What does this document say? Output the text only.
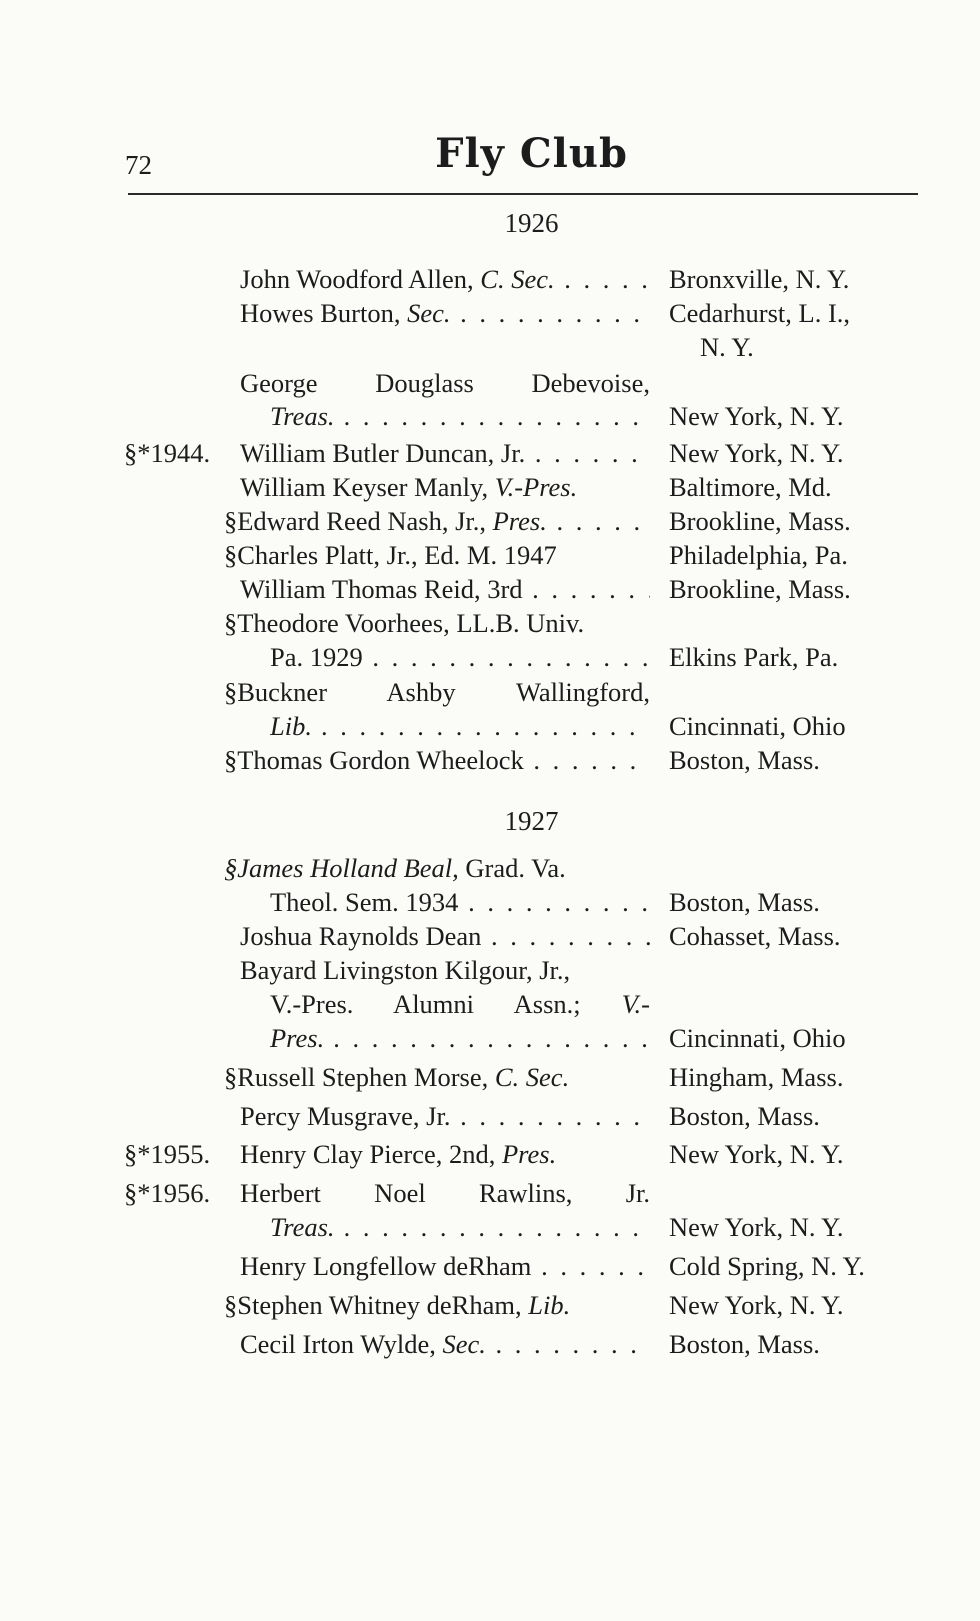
72	Fly Club
1926
1927
John Woodford Allen, C. Sec. . . .	Bronxville, N. Y.
Howes Burton, Sec. . . .	Cedarhurst, L. I.,
N. Y.
George Douglass Debevoise,
Treas. . . .	New York, N. Y.
§*1944. William Butler Duncan, Jr. . . .	New York, N. Y.
William Keyser Manly, V.-Pres.	Baltimore, Md.
§Edward Reed Nash, Jr., Pres. . . .	Brookline, Mass.
§Charles Platt, Jr., Ed. M. 1947	Philadelphia, Pa.
William Thomas Reid, 3rd . . .	Brookline, Mass.
§Theodore Voorhees, LL.B. Univ.
Pa. 1929 . . .	Elkins Park, Pa.
§Buckner Ashby Wallingford,
Lib. . . .	Cincinnati, Ohio
§Thomas Gordon Wheelock . . .	Boston, Mass.
§James Holland Beal, Grad. Va.
Theol. Sem. 1934 . . .	Boston, Mass.
Joshua Raynolds Dean . . .	Cohasset, Mass.
Bayard Livingston Kilgour, Jr.,
V.-Pres. Alumni Assn.; V.-
Pres. . . .	Cincinnati, Ohio
§Russell Stephen Morse, C. Sec.	Hingham, Mass.
Percy Musgrave, Jr. . . .	Boston, Mass.
§*1955. Henry Clay Pierce, 2nd, Pres.	New York, N. Y.
§*1956. Herbert Noel Rawlins, Jr.
Treas. . . .	New York, N. Y.
Henry Longfellow deRham . . .	Cold Spring, N. Y.
§Stephen Whitney deRham, Lib.	New York, N. Y.
Cecil Irton Wylde, Sec. . . .	Boston, Mass.
